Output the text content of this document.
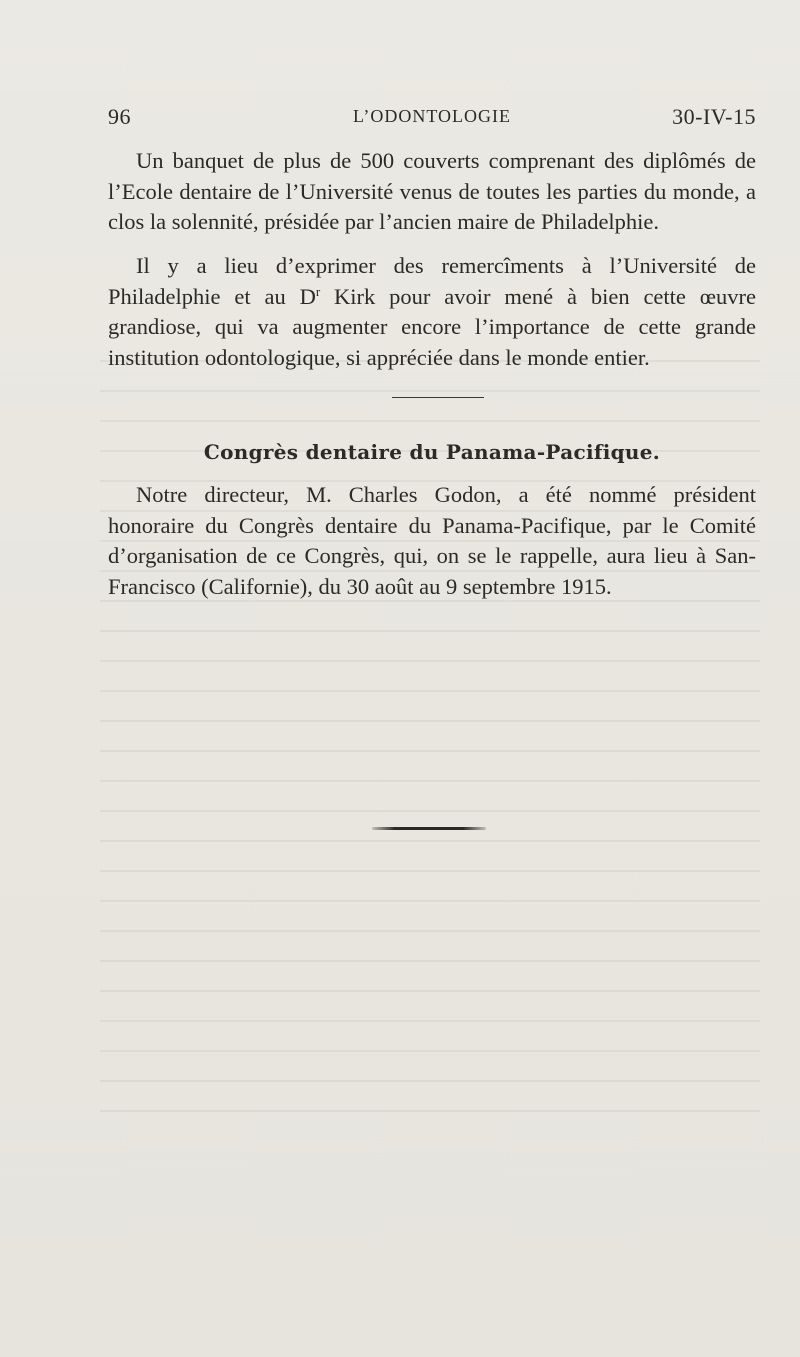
96	L’ODONTOLOGIE	30-IV-15

Un banquet de plus de 500 couverts comprenant des diplômés de l’Ecole dentaire de l’Université venus de toutes les parties du monde, a clos la solennité, présidée par l’ancien maire de Philadelphie.

Il y a lieu d’exprimer des remercîments à l’Université de Philadelphie et au $D^r$ Kirk pour avoir mené à bien cette œuvre grandiose, qui va augmenter encore l’importance de cette grande institution odontologique, si appréciée dans le monde entier.

Congrès dentaire du Panama-Pacifique.

Notre directeur, M. Charles Godon, a été nommé président honoraire du Congrès dentaire du Panama-Pacifique, par le Comité d’organisation de ce Congrès, qui, on se le rappelle, aura lieu à San-Francisco (Californie), du 30 août au 9 septembre 1915.
